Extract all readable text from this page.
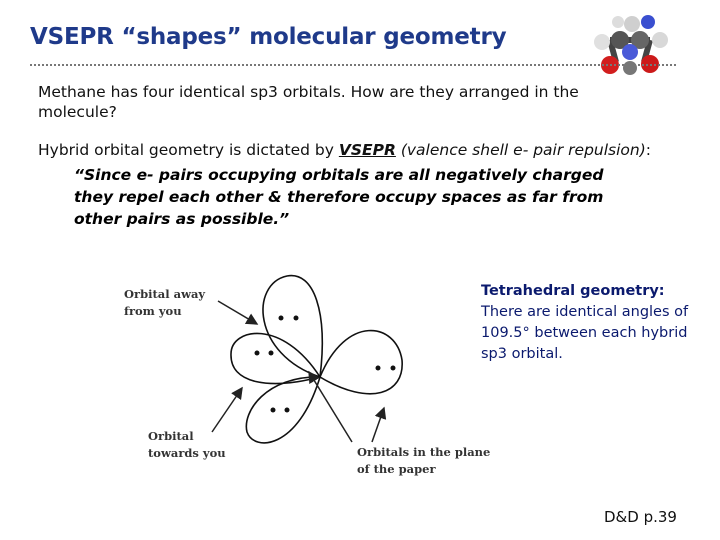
VSEPR “shapes” molecular geometry

Methane has four identical sp3 orbitals. How are they arranged in the molecule?

Hybrid orbital geometry is dictated by VSEPR (valence shell e- pair repulsion):

“Since e- pairs occupying orbitals are all negatively charged they repel each other & therefore occupy spaces as far from other pairs as possible.”

Orbital away from you
Orbital towards you	Orbitals in the plane of the paper

Tetrahedral geometry:
There are identical angles of 109.5° between each hybrid sp3 orbital.

D&D p.39
